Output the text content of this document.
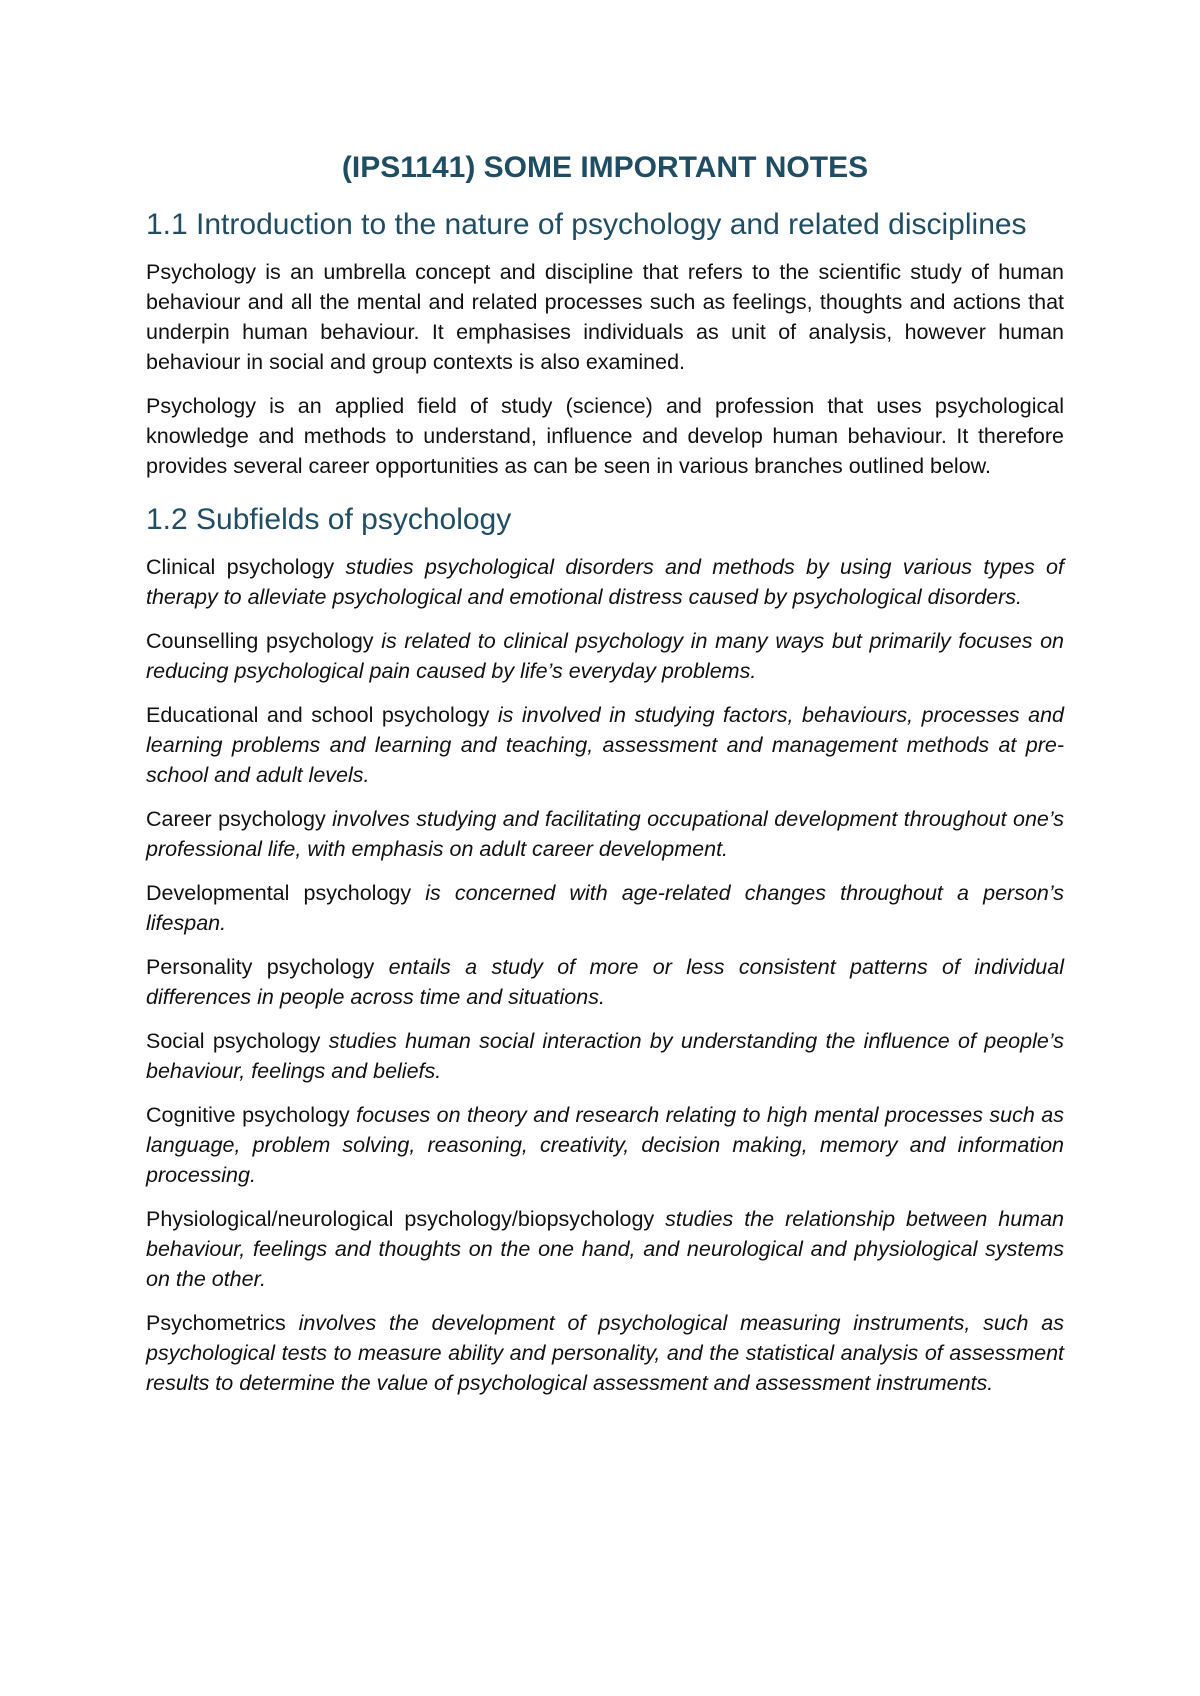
(IPS1141) SOME IMPORTANT NOTES
1.1 Introduction to the nature of psychology and related disciplines

Psychology is an umbrella concept and discipline that refers to the scientific study of human behaviour and all the mental and related processes such as feelings, thoughts and actions that underpin human behaviour. It emphasises individuals as unit of analysis, however human behaviour in social and group contexts is also examined.

Psychology is an applied field of study (science) and profession that uses psychological knowledge and methods to understand, influence and develop human behaviour. It therefore provides several career opportunities as can be seen in various branches outlined below.

1.2 Subfields of psychology

Clinical psychology studies psychological disorders and methods by using various types of therapy to alleviate psychological and emotional distress caused by psychological disorders.

Counselling psychology is related to clinical psychology in many ways but primarily focuses on reducing psychological pain caused by life’s everyday problems.

Educational and school psychology is involved in studying factors, behaviours, processes and learning problems and learning and teaching, assessment and management methods at pre-school and adult levels.

Career psychology involves studying and facilitating occupational development throughout one’s professional life, with emphasis on adult career development.

Developmental psychology is concerned with age-related changes throughout a person’s lifespan.

Personality psychology entails a study of more or less consistent patterns of individual differences in people across time and situations.

Social psychology studies human social interaction by understanding the influence of people’s behaviour, feelings and beliefs.

Cognitive psychology focuses on theory and research relating to high mental processes such as language, problem solving, reasoning, creativity, decision making, memory and information processing.

Physiological/neurological psychology/biopsychology studies the relationship between human behaviour, feelings and thoughts on the one hand, and neurological and physiological systems on the other.

Psychometrics involves the development of psychological measuring instruments, such as psychological tests to measure ability and personality, and the statistical analysis of assessment results to determine the value of psychological assessment and assessment instruments.
